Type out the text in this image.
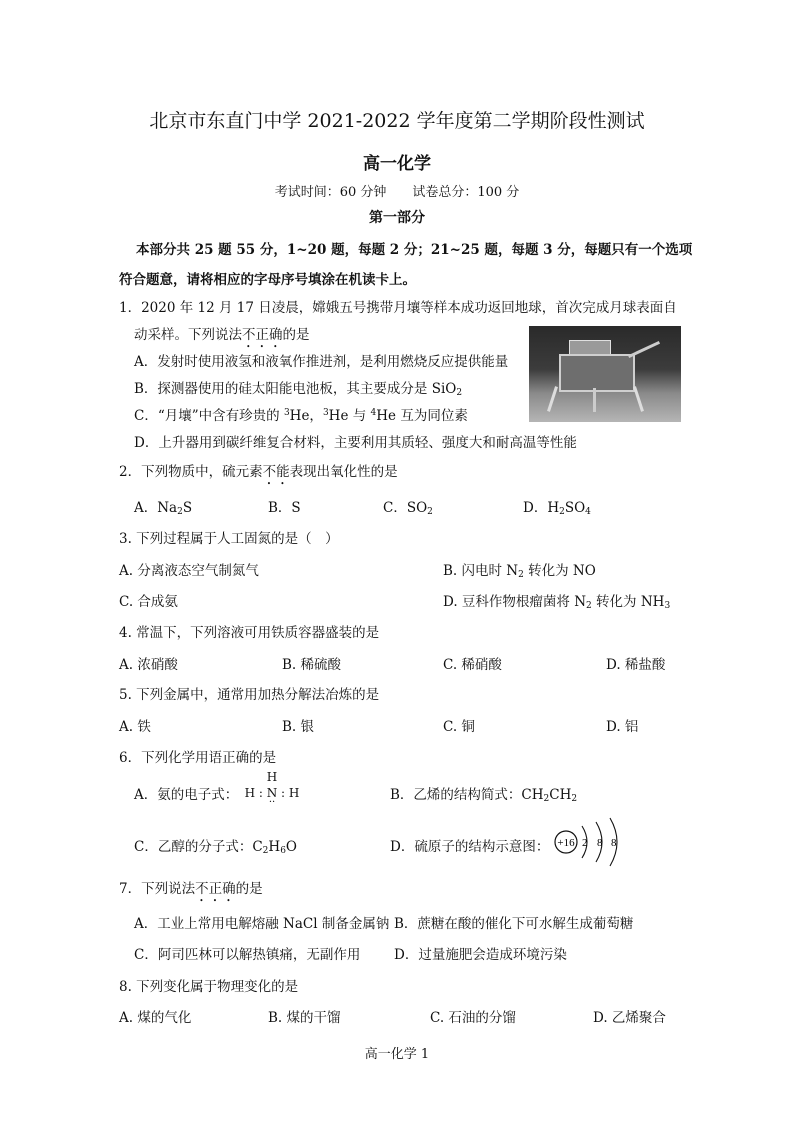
北京市东直门中学 2021-2022 学年度第二学期阶段性测试
高一化学
考试时间：60 分钟　　试卷总分：100 分
第一部分
本部分共 25 题 55 分，1~20 题，每题 2 分；21~25 题，每题 3 分，每题只有一个选项
符合题意，请将相应的字母序号填涂在机读卡上。
1．2020 年 12 月 17 日凌晨，嫦娥五号携带月壤等样本成功返回地球，首次完成月球表面自
动采样。下列说法不正确的是
A．发射时使用液氢和液氧作推进剂，是利用燃烧反应提供能量
B．探测器使用的硅太阳能电池板，其主要成分是 SiO$_2$
C．“月壤”中含有珍贵的 $^3$He，$^3$He 与 $^4$He 互为同位素
D．上升器用到碳纤维复合材料，主要利用其质轻、强度大和耐高温等性能
2．下列物质中，硫元素不能表现出氧化性的是
A．$Na_2S$	B．S	C．$SO_2$	D．$H_2SO_4$
3. 下列过程属于人工固氮的是（　）
A. 分离液态空气制氮气	B. 闪电时 $N_2$ 转化为 NO
C. 合成氨	D. 豆科作物根瘤菌将 $N_2$ 转化为 $NH_3$
4. 常温下，下列溶液可用铁质容器盛装的是
A. 浓硝酸	B. 稀硫酸	C. 稀硝酸	D. 稀盐酸
5. 下列金属中，通常用加热分解法冶炼的是
A. 铁	B. 银	C. 铜	D. 铝
6．下列化学用语正确的是
A．氨的电子式：
H
H : N : H
··	B．乙烯的结构简式：$CH_2CH_2$
C．乙醇的分子式：$C_2H_6O$	D．硫原子的结构示意图： +16 2 8 8
7．下列说法不正确的是
A．工业上常用电解熔融 NaCl 制备金属钠 B．蔗糖在酸的催化下可水解生成葡萄糖
C．阿司匹林可以解热镇痛，无副作用 D．过量施肥会造成环境污染
8. 下列变化属于物理变化的是
A. 煤的气化	B. 煤的干馏	C. 石油的分馏	D. 乙烯聚合
高一化学 1
